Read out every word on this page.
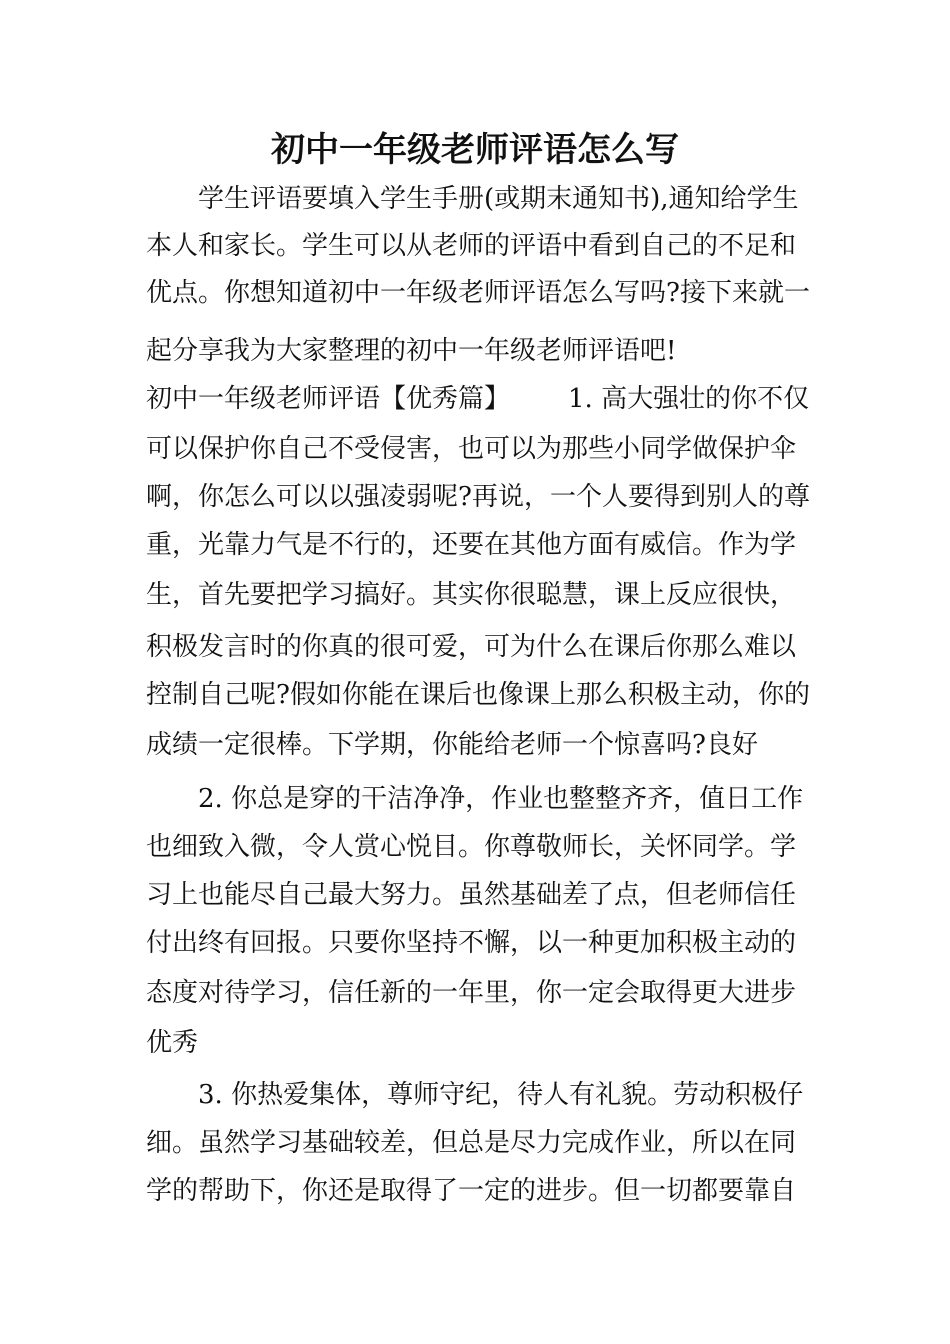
初中一年级老师评语怎么写
学生评语要填入学生手册(或期末通知书),通知给学生
本人和家长。学生可以从老师的评语中看到自己的不足和
优点。你想知道初中一年级老师评语怎么写吗?接下来就一
起分享我为大家整理的初中一年级老师评语吧!
初中一年级老师评语【优秀篇】 1. 高大强壮的你不仅
可以保护你自己不受侵害，也可以为那些小同学做保护伞
啊，你怎么可以以强凌弱呢?再说，一个人要得到别人的尊
重，光靠力气是不行的，还要在其他方面有威信。作为学
生，首先要把学习搞好。其实你很聪慧，课上反应很快，
积极发言时的你真的很可爱，可为什么在课后你那么难以
控制自己呢?假如你能在课后也像课上那么积极主动，你的
成绩一定很棒。下学期，你能给老师一个惊喜吗?良好
2. 你总是穿的干洁净净，作业也整整齐齐，值日工作
也细致入微，令人赏心悦目。你尊敬师长，关怀同学。学
习上也能尽自己最大努力。虽然基础差了点，但老师信任
付出终有回报。只要你坚持不懈，以一种更加积极主动的
态度对待学习，信任新的一年里，你一定会取得更大进步
优秀
3. 你热爱集体，尊师守纪，待人有礼貌。劳动积极仔
细。虽然学习基础较差，但总是尽力完成作业，所以在同
学的帮助下，你还是取得了一定的进步。但一切都要靠自
